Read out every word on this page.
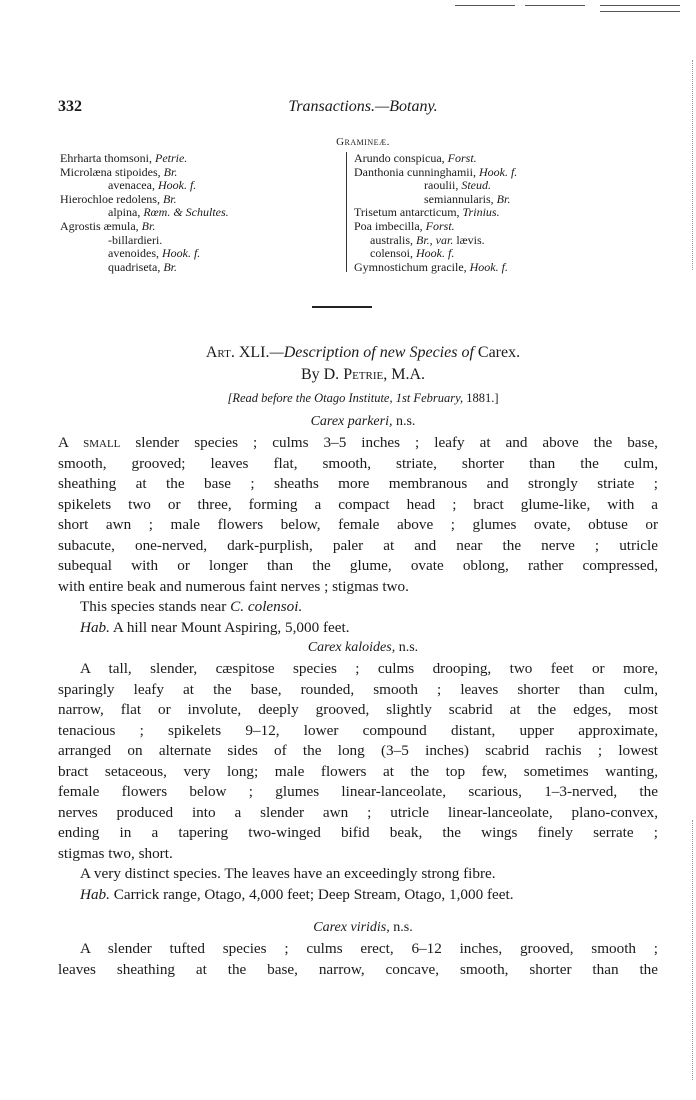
332	Transactions.—Botany.
Gramineæ.
Ehrharta thomsoni, Petrie.
Microlæna stipoides, Br.
avenacea, Hook. f.
Hierochloe redolens, Br.
alpina, Rœm. & Schultes.
Agrostis æmula, Br.
-billardieri.
avenoides, Hook. f.
quadriseta, Br.
Arundo conspicua, Forst.
Danthonia cunninghamii, Hook. f.
raoulii, Steud.
semiannularis, Br.
Trisetum antarcticum, Trinius.
Poa imbecilla, Forst.
australis, Br., var. lævis.
colensoi, Hook. f.
Gymnostichum gracile, Hook. f.
Art. XLI.—Description of new Species of Carex.
By D. Petrie, M.A.
[Read before the Otago Institute, 1st February, 1881.]
Carex parkeri, n.s.
A small slender species ; culms 3–5 inches ; leafy at and above the base,
smooth, grooved; leaves flat, smooth, striate, shorter than the culm,
sheathing at the base ; sheaths more membranous and strongly striate ;
spikelets two or three, forming a compact head ; bract glume-like, with a
short awn ; male flowers below, female above ; glumes ovate, obtuse or
subacute, one-nerved, dark-purplish, paler at and near the nerve ; utricle
subequal with or longer than the glume, ovate oblong, rather compressed,
with entire beak and numerous faint nerves ; stigmas two.
This species stands near C. colensoi.
Hab. A hill near Mount Aspiring, 5,000 feet.
Carex kaloides, n.s.
A tall, slender, cæspitose species ; culms drooping, two feet or more,
sparingly leafy at the base, rounded, smooth ; leaves shorter than culm,
narrow, flat or involute, deeply grooved, slightly scabrid at the edges, most
tenacious ; spikelets 9–12, lower compound distant, upper approximate,
arranged on alternate sides of the long (3–5 inches) scabrid rachis ; lowest
bract setaceous, very long; male flowers at the top few, sometimes wanting,
female flowers below ; glumes linear-lanceolate, scarious, 1–3-nerved, the
nerves produced into a slender awn ; utricle linear-lanceolate, plano-convex,
ending in a tapering two-winged bifid beak, the wings finely serrate ;
stigmas two, short.
A very distinct species. The leaves have an exceedingly strong fibre.
Hab. Carrick range, Otago, 4,000 feet; Deep Stream, Otago, 1,000 feet.
Carex viridis, n.s.
A slender tufted species ; culms erect, 6–12 inches, grooved, smooth ;
leaves sheathing at the base, narrow, concave, smooth, shorter than the
